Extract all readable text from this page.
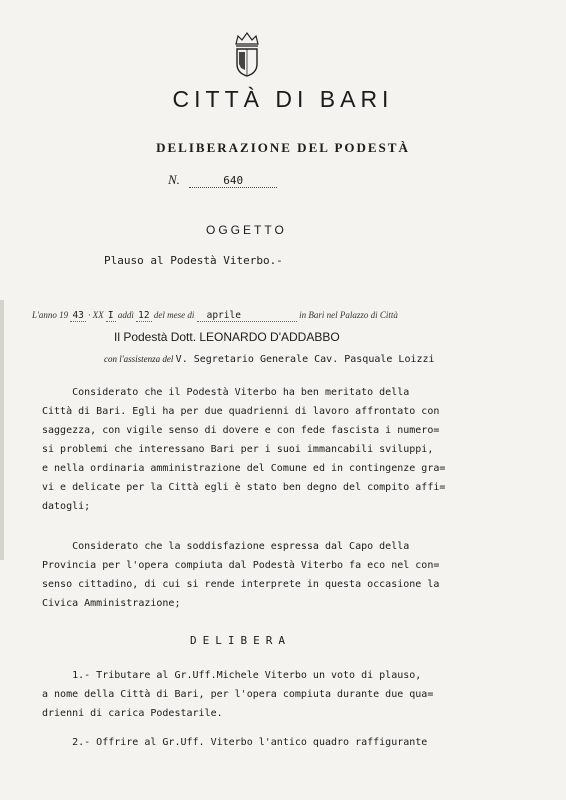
CITTÀ DI BARI
DELIBERAZIONE DEL PODESTÀ
N.	640
OGGETTO
Plauso al Podestà Viterbo.-
L'anno 19 43 · XX I addì 12 del mese di aprile	in Bari nel Palazzo di Città
Il Podestà Dott. LEONARDO D'ADDABBO
con l'assistenza del V. Segretario Generale Cav. Pasquale Loizzi
Considerato che il Podestà Viterbo ha ben meritato della
Città di Bari. Egli ha per due quadrienni di lavoro affrontato con
saggezza, con vigile senso di dovere e con fede fascista i numero=
si problemi che interessano Bari per i suoi immancabili sviluppi,
e nella ordinaria amministrazione del Comune ed in contingenze gra=
vi e delicate per la Città egli è stato ben degno del compito affi=
datogli;
Considerato che la soddisfazione espressa dal Capo della
Provincia per l'opera compiuta dal Podestà Viterbo fa eco nel con=
senso cittadino, di cui si rende interprete in questa occasione la
Civica Amministrazione;
DELIBERA
1.- Tributare al Gr.Uff.Michele Viterbo un voto di plauso,
a nome della Città di Bari, per l'opera compiuta durante due qua=
drienni di carica Podestarile.
2.- Offrire al Gr.Uff. Viterbo l'antico quadro raffigurante
